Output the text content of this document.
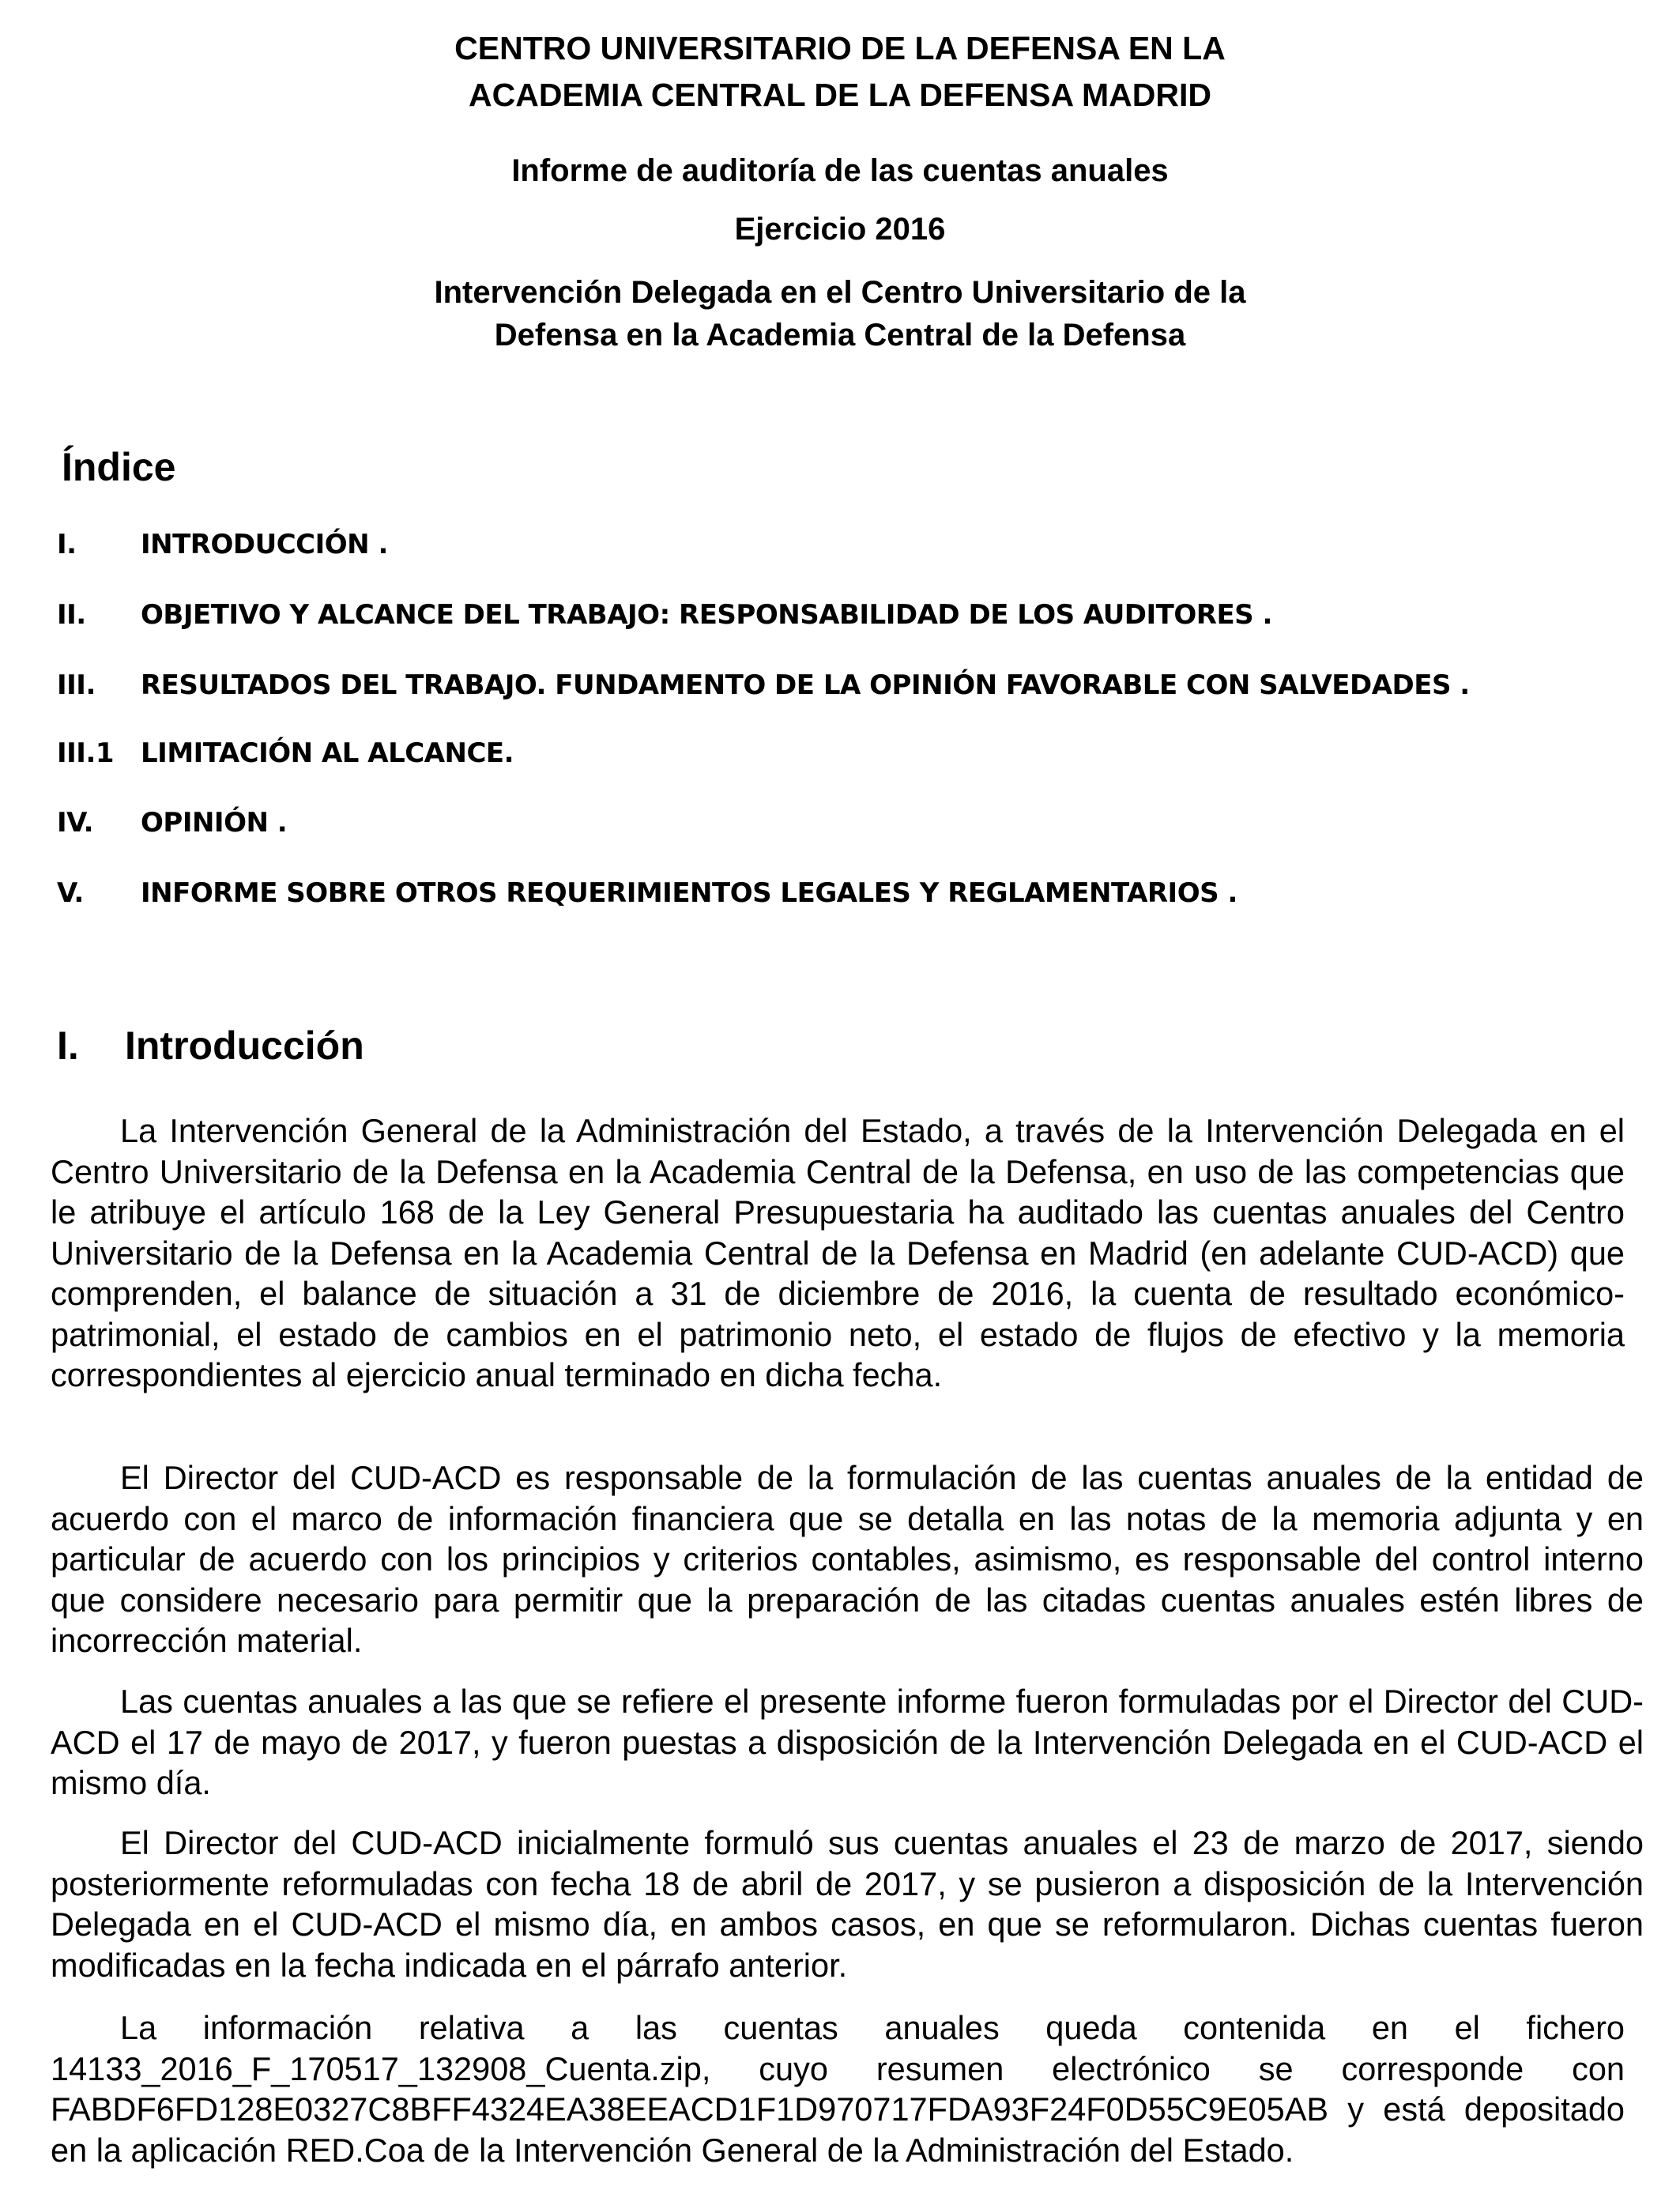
CENTRO UNIVERSITARIO DE LA DEFENSA EN LA
ACADEMIA CENTRAL DE LA DEFENSA MADRID
Informe de auditoría de las cuentas anuales
Ejercicio 2016
Intervención Delegada en el Centro Universitario de la
Defensa en la Academia Central de la Defensa
Índice
I. INTRODUCCIÓN .
II. OBJETIVO Y ALCANCE DEL TRABAJO: RESPONSABILIDAD DE LOS AUDITORES .
III. RESULTADOS DEL TRABAJO. FUNDAMENTO DE LA OPINIÓN FAVORABLE CON SALVEDADES .
III.1 LIMITACIÓN AL ALCANCE.
IV. OPINIÓN .
V. INFORME SOBRE OTROS REQUERIMIENTOS LEGALES Y REGLAMENTARIOS .
I. Introducción

La Intervención General de la Administración del Estado, a través de la Intervención Delegada en el Centro Universitario de la Defensa en la Academia Central de la Defensa, en uso de las competencias que le atribuye el artículo 168 de la Ley General Presupuestaria ha auditado las cuentas anuales del Centro Universitario de la Defensa en la Academia Central de la Defensa en Madrid (en adelante CUD-ACD) que comprenden, el balance de situación a 31 de diciembre de 2016, la cuenta de resultado económico-patrimonial, el estado de cambios en el patrimonio neto, el estado de flujos de efectivo y la memoria correspondientes al ejercicio anual terminado en dicha fecha.

El Director del CUD-ACD es responsable de la formulación de las cuentas anuales de la entidad de acuerdo con el marco de información financiera que se detalla en las notas de la memoria adjunta y en particular de acuerdo con los principios y criterios contables, asimismo, es responsable del control interno que considere necesario para permitir que la preparación de las citadas cuentas anuales estén libres de incorrección material.

Las cuentas anuales a las que se refiere el presente informe fueron formuladas por el Director del CUD-ACD el 17 de mayo de 2017, y fueron puestas a disposición de la Intervención Delegada en el CUD-ACD el mismo día.

El Director del CUD-ACD inicialmente formuló sus cuentas anuales el 23 de marzo de 2017, siendo posteriormente reformuladas con fecha 18 de abril de 2017, y se pusieron a disposición de la Intervención Delegada en el CUD-ACD el mismo día, en ambos casos, en que se reformularon. Dichas cuentas fueron modificadas en la fecha indicada en el párrafo anterior.

La información relativa a las cuentas anuales queda contenida en el fichero 14133_2016_F_170517_132908_Cuenta.zip, cuyo resumen electrónico se corresponde con FABDF6FD128E0327C8BFF4324EA38EEACD1F1D970717FDA93F24F0D55C9E05AB y está depositado en la aplicación RED.Coa de la Intervención General de la Administración del Estado.
